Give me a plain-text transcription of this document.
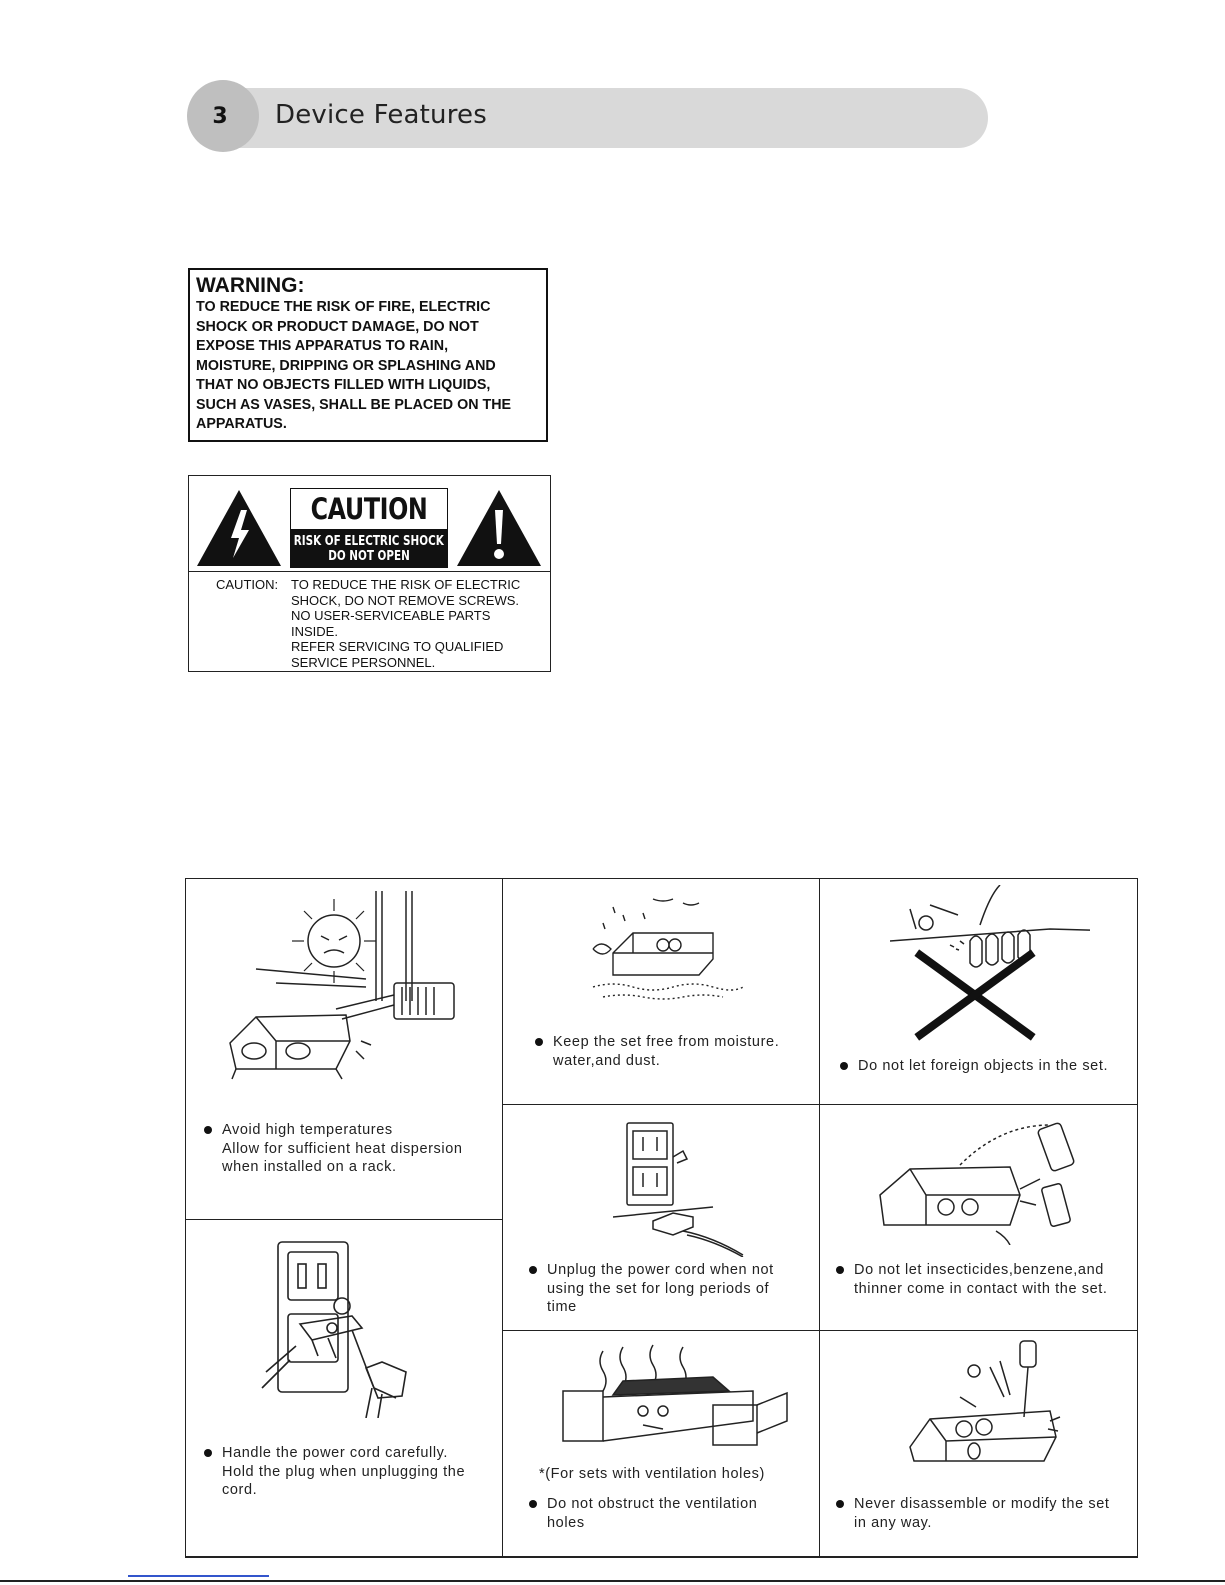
3	Device Features
WARNING:
TO REDUCE THE RISK OF FIRE, ELECTRIC
SHOCK OR PRODUCT DAMAGE, DO NOT
EXPOSE THIS APPARATUS TO RAIN,
MOISTURE, DRIPPING OR SPLASHING AND
THAT NO OBJECTS FILLED WITH LIQUIDS,
SUCH AS VASES, SHALL BE PLACED ON THE
APPARATUS.
CAUTION
RISK OF ELECTRIC SHOCK
DO NOT OPEN
CAUTION: TO REDUCE THE RISK OF ELECTRIC
SHOCK, DO NOT REMOVE SCREWS.
NO USER-SERVICEABLE PARTS
INSIDE.
REFER SERVICING TO QUALIFIED
SERVICE PERSONNEL.
Avoid high temperatures
Allow for sufficient heat dispersion
when installed on a rack.
Handle the power cord carefully.
Hold the plug when unplugging the
cord.
Keep the set free from moisture.
water,and dust.
Unplug the power cord when not
using the set for long periods of
time
*(For sets with ventilation holes)
Do not obstruct the ventilation
holes
Do not let foreign objects in the set.
Do not let insecticides,benzene,and
thinner come in contact with the set.
Never disassemble or modify the set
in any way.
